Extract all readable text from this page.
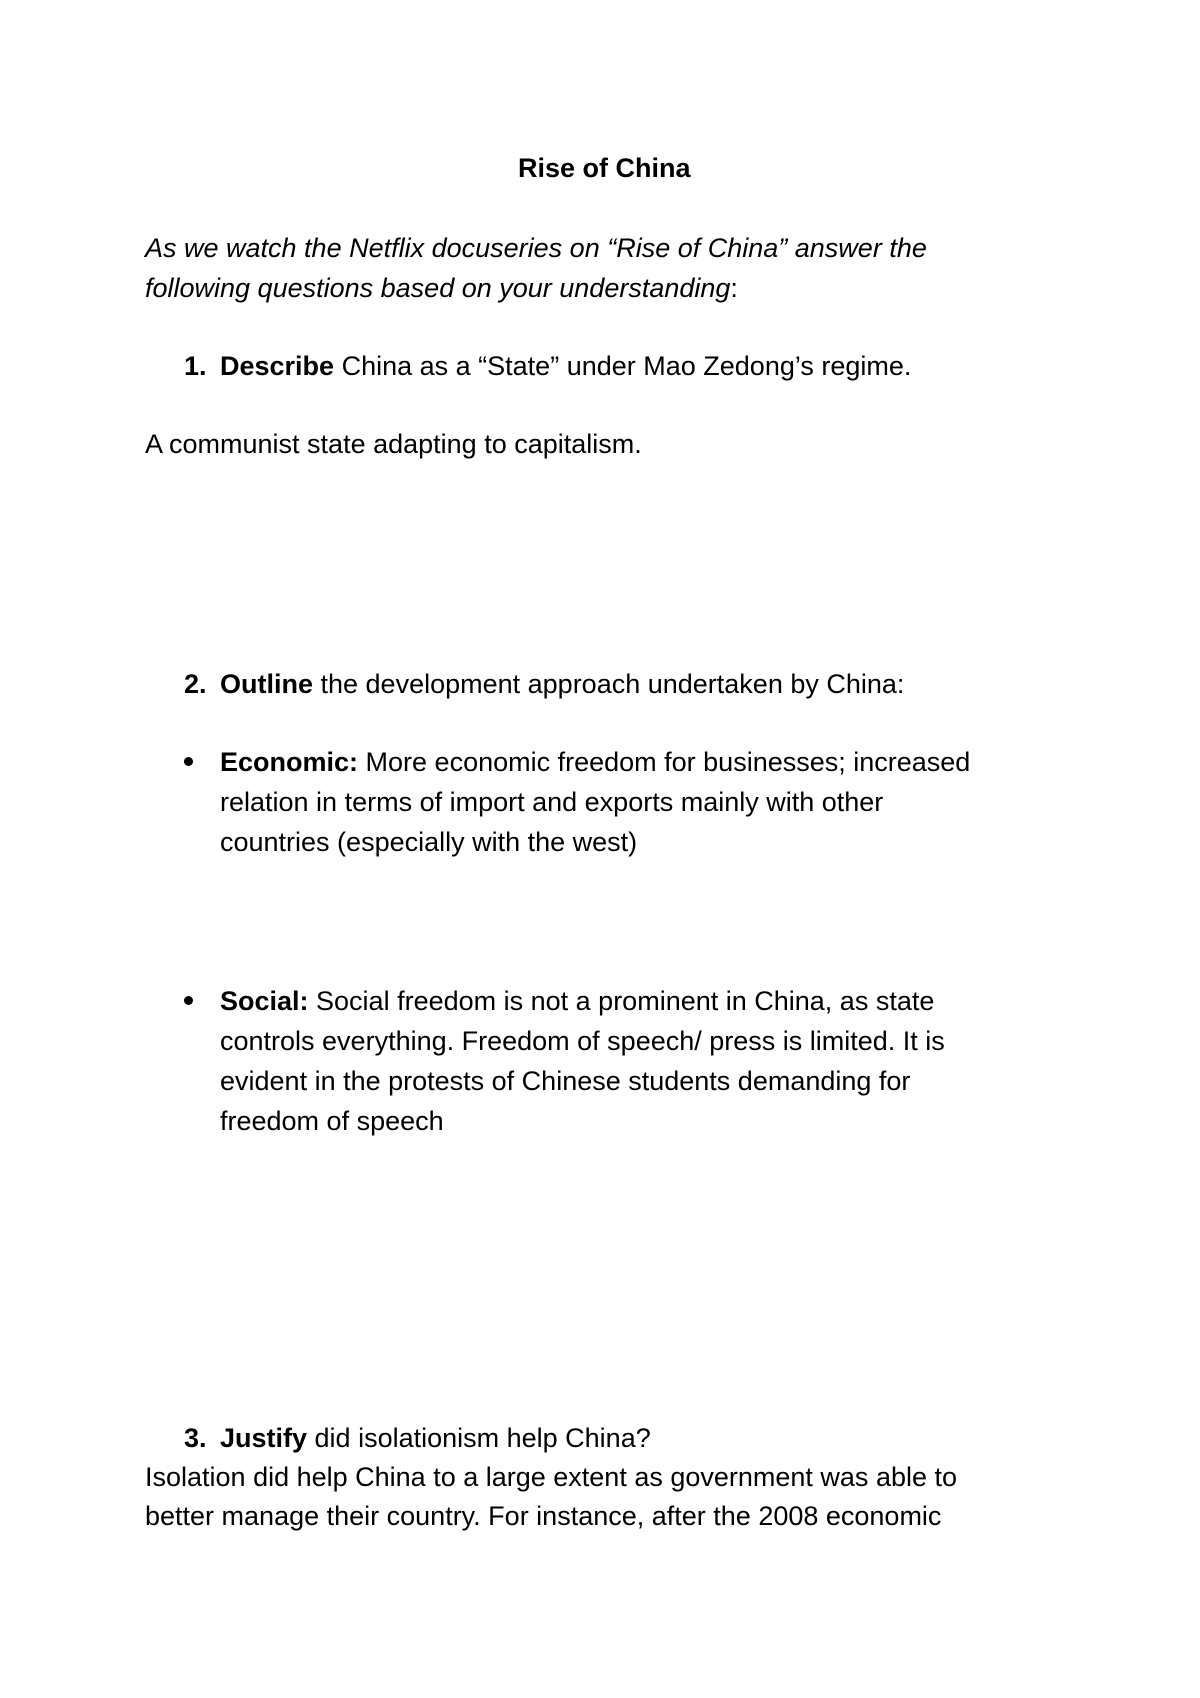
Rise of China
As we watch the Netflix docuseries on “Rise of China” answer the
following questions based on your understanding:
1. Describe China as a “State” under Mao Zedong’s regime.
A communist state adapting to capitalism.
2. Outline the development approach undertaken by China:
Economic: More economic freedom for businesses; increased
relation in terms of import and exports mainly with other
countries (especially with the west)
Social: Social freedom is not a prominent in China, as state
controls everything. Freedom of speech/ press is limited. It is
evident in the protests of Chinese students demanding for
freedom of speech
3. Justify did isolationism help China?
Isolation did help China to a large extent as government was able to
better manage their country. For instance, after the 2008 economic
